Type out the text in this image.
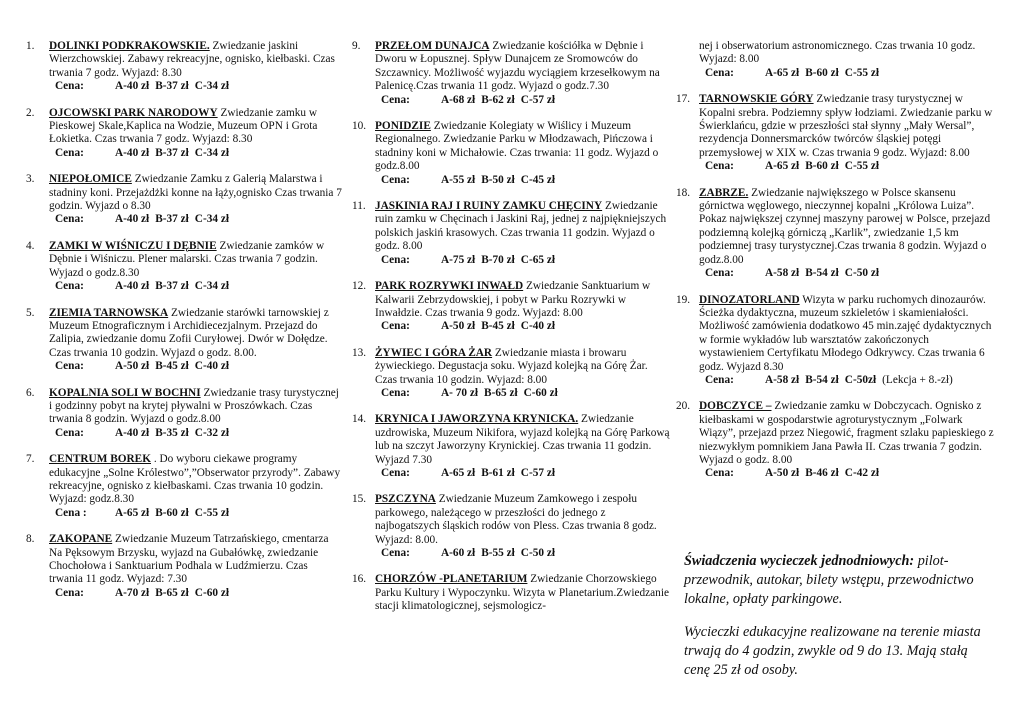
1. DOLINKI PODKRAKOWSKIE. Zwiedzanie jaskini Wierzchowskiej. Zabawy rekreacyjne, ognisko, kiełbaski. Czas trwania 7 godz. Wyjazd: 8.30
Cena:	A-40 zł B-37 zł C-34 zł
2. OJCOWSKI PARK NARODOWY Zwiedzanie zamku w Pieskowej Skale,Kaplica na Wodzie, Muzeum OPN i Grota Łokietka. Czas trwania 7 godz. Wyjazd: 8.30
Cena:	A-40 zł B-37 zł C-34 zł
3. NIEPOŁOMICE Zwiedzanie Zamku z Galerią Malarstwa i stadniny koni. Przejażdżki konne na łąży,ognisko Czas trwania 7 godzin. Wyjazd o 8.30
Cena:	A-40 zł B-37 zł C-34 zł
4. ZAMKI W WIŚNICZU I DĘBNIE Zwiedzanie zamków w Dębnie i Wiśniczu. Plener malarski. Czas trwania 7 godzin. Wyjazd o godz.8.30
Cena:	A-40 zł B-37 zł C-34 zł
5. ZIEMIA TARNOWSKA Zwiedzanie starówki tarnowskiej z Muzeum Etnograficznym i Archidiecezjalnym. Przejazd do Zalipia, zwiedzanie domu Zofii Curyłowej. Dwór w Dołędze. Czas trwania 10 godzin. Wyjazd o godz. 8.00.
Cena:	A-50 zł B-45 zł C-40 zł
6. KOPALNIA SOLI W BOCHNI Zwiedzanie trasy turystycznej i godzinny pobyt na krytej pływalni w Proszówkach. Czas trwania 8 godzin. Wyjazd o godz.8.00
Cena:	A-40 zł B-35 zł C-32 zł
7. CENTRUM BOREK . Do wyboru ciekawe programy edukacyjne „Solne Królestwo”,”Obserwator przyrody”. Zabawy rekreacyjne, ognisko z kiełbaskami. Czas trwania 10 godzin. Wyjazd: godz.8.30
Cena :	A-65 zł B-60 zł C-55 zł
8. ZAKOPANE Zwiedzanie Muzeum Tatrzańskiego, cmentarza Na Pęksowym Brzysku, wyjazd na Gubałówkę, zwiedzanie Chochołowa i Sanktuarium Podhala w Ludźmierzu. Czas trwania 11 godz. Wyjazd: 7.30
Cena:	A-70 zł B-65 zł C-60 zł
9. PRZEŁOM DUNAJCA Zwiedzanie kościółka w Dębnie i Dworu w Łopusznej. Spływ Dunajcem ze Sromowców do Szczawnicy. Możliwość wyjazdu wyciągiem krzesełkowym na Palenicę.Czas trwania 11 godz. Wyjazd o godz.7.30
Cena:	A-68 zł B-62 zł C-57 zł
10. PONIDZIE Zwiedzanie Kolegiaty w Wiślicy i Muzeum Regionalnego. Zwiedzanie Parku w Młodzawach, Pińczowa i stadniny koni w Michałowie. Czas trwania: 11 godz. Wyjazd o godz.8.00
Cena:	A-55 zł B-50 zł C-45 zł
11. JASKINIA RAJ I RUINY ZAMKU CHĘCINY Zwiedzanie ruin zamku w Chęcinach i Jaskini Raj, jednej z najpiękniejszych polskich jaskiń krasowych. Czas trwania 11 godzin. Wyjazd o godz. 8.00
Cena:	A-75 zł B-70 zł C-65 zł
12. PARK ROZRYWKI INWAŁD Zwiedzanie Sanktuarium w Kalwarii Zebrzydowskiej, i pobyt w Parku Rozrywki w Inwałdzie. Czas trwania 9 godz. Wyjazd: 8.00
Cena:	A-50 zł B-45 zł C-40 zł
13. ŻYWIEC I GÓRA ŻAR Zwiedzanie miasta i browaru żywieckiego. Degustacja soku. Wyjazd kolejką na Górę Żar. Czas trwania 10 godzin. Wyjazd: 8.00
Cena:	A- 70 zł B-65 zł C-60 zł
14. KRYNICA I JAWORZYNA KRYNICKA. Zwiedzanie uzdrowiska, Muzeum Nikifora, wyjazd kolejką na Górę Parkową lub na szczyt Jaworzyny Krynickiej. Czas trwania 11 godzin. Wyjazd 7.30
Cena:	A-65 zł B-61 zł C-57 zł
15. PSZCZYNA Zwiedzanie Muzeum Zamkowego i zespołu parkowego, należącego w przeszłości do jednego z najbogatszych śląskich rodów von Pless. Czas trwania 8 godz. Wyjazd: 8.00.
Cena:	A-60 zł B-55 zł C-50 zł
16. CHORZÓW -PLANETARIUM Zwiedzanie Chorzowskiego Parku Kultury i Wypoczynku. Wizyta w Planetarium.Zwiedzanie stacji klimatologicznej, sejsmologicz-
nej i obserwatorium astronomicznego. Czas trwania 10 godz. Wyjazd: 8.00
Cena:	A-65 zł B-60 zł C-55 zł
17. TARNOWSKIE GÓRY Zwiedzanie trasy turystycznej w Kopalni srebra. Podziemny spływ łodziami. Zwiedzanie parku w Świerklańcu, gdzie w przeszłości stał słynny „Mały Wersal”, rezydencja Donnersmarcków twórców śląskiej potęgi przemysłowej w XIX w. Czas trwania 9 godz. Wyjazd: 8.00
Cena:	A-65 zł B-60 zł C-55 zł
18. ZABRZE. Zwiedzanie największego w Polsce skansenu górnictwa węglowego, nieczynnej kopalni „Królowa Luiza”. Pokaz największej czynnej maszyny parowej w Polsce, przejazd podziemną kolejką górniczą „Karlik”, zwiedzanie 1,5 km podziemnej trasy turystycznej.Czas trwania 8 godzin. Wyjazd o godz.8.00
Cena:	A-58 zł B-54 zł C-50 zł
19. DINOZATORLAND Wizyta w parku ruchomych dinozaurów. Ścieżka dydaktyczna, muzeum szkieletów i skamieniałości. Możliwość zamówienia dodatkowo 45 min.zajęć dydaktycznych w formie wykładów lub warsztatów zakończonych wystawieniem Certyfikatu Młodego Odkrywcy. Czas trwania 6 godz. Wyjazd 8.30
Cena:	A-58 zł B-54 zł C-50zł (Lekcja + 8.-zł)
20. DOBCZYCE – Zwiedzanie zamku w Dobczycach. Ognisko z kiełbaskami w gospodarstwie agroturystycznym „Folwark Wiązy”, przejazd przez Niegowić, fragment szlaku papieskiego z niezwykłym pomnikiem Jana Pawła II. Czas trwania 7 godzin. Wyjazd o godz. 8.00
Cena:	A-50 zł B-46 zł C-42 zł

Świadczenia wycieczek jednodniowych: pilot-przewodnik, autokar, bilety wstępu, przewodnictwo lokalne, opłaty parkingowe.

Wycieczki edukacyjne realizowane na terenie miasta trwają do 4 godzin, zwykle od 9 do 13. Mają stałą cenę 25 zł od osoby.
